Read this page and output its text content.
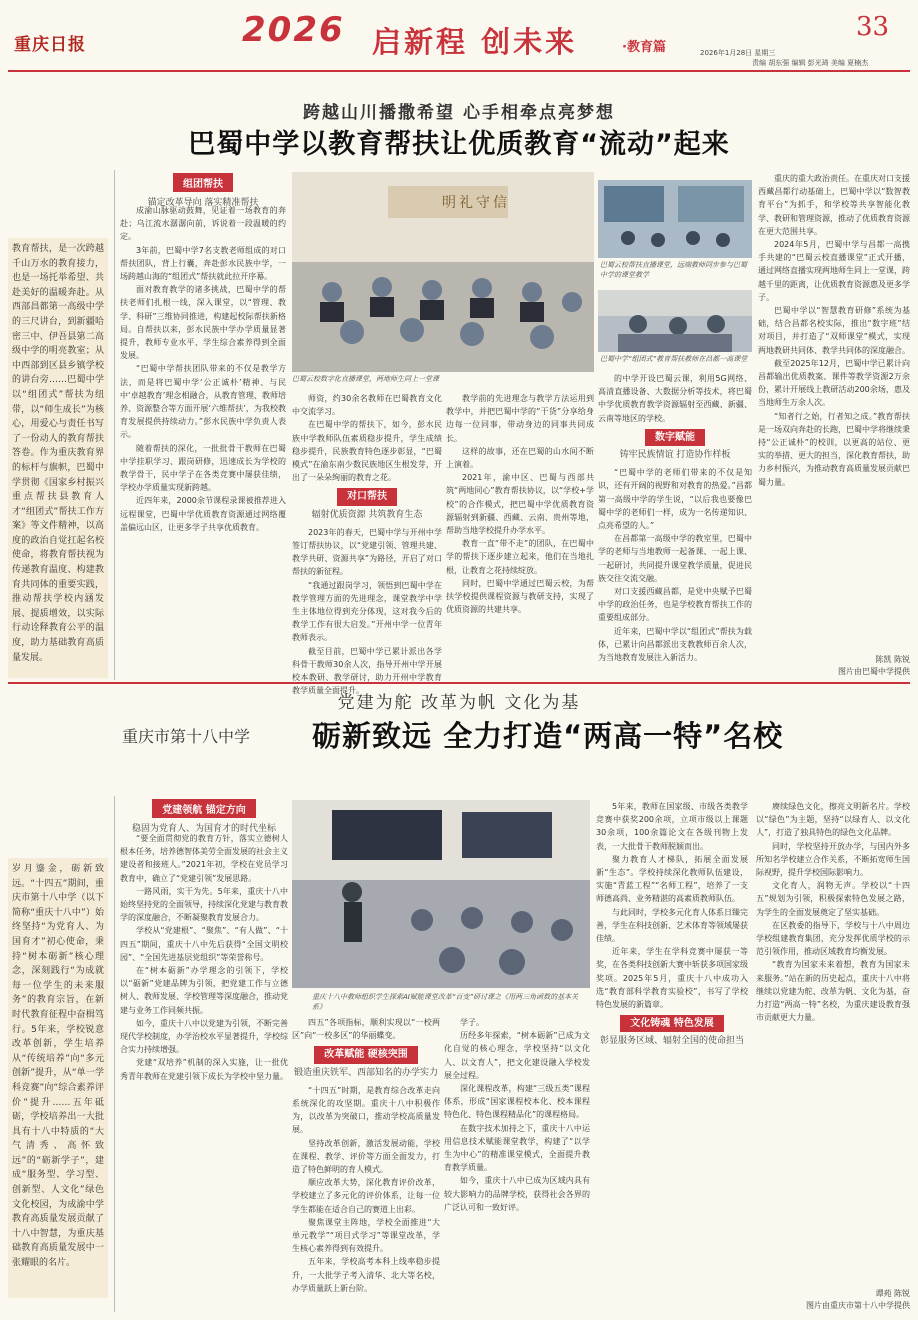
重庆日报	2026 启新程 创未来	·教育篇
33
2026年1月28日 星期三
责编 胡东强 编辑 彭光琦 美编 夏楠杰
跨越山川播撒希望 心手相牵点亮梦想
巴蜀中学以教育帮扶让优质教育“流动”起来
教育帮扶，是一次跨越千山万水的教育接力，也是一场托举希望、共赴美好的温暖奔赴。从西部昌都第一高级中学的三尺讲台，到新疆哈密三中、伊吾县第二高级中学的明亮教室；从中西部到区县乡镇学校的讲台旁……巴蜀中学以“组团式”帮扶为纽带，以“师生成长”为核心，用爱心与责任书写了一份动人的教育帮扶答卷。作为重庆教育界的标杆与旗帜，巴蜀中学贯彻《国家乡村振兴重点帮扶县教育人才“组团式”帮扶工作方案》等文件精神，以高度的政治自觉扛起名校使命，将教育帮扶视为传递教育温度、构建教育共同体的重要实践，推动帮扶学校内涵发展、提质增效，以实际行动诠释教育公平的温度，助力基础教育高质量发展。
组团帮扶
锚定改革导向 落实精准帮扶

成渝山脉驱动鼓舞，见证着一场教育的奔赴；乌江流水潺潺向前，诉说着一段温暖的约定。

3年前，巴蜀中学7名支教老师组成的对口帮扶团队，背上行囊，奔赴彭水民族中学，一场跨越山海的“组团式”帮扶就此拉开序幕。

面对教育教学的诸多挑战，巴蜀中学的帮扶老师们扎根一线，深入课堂，以“管理、教学、科研”三维协同推进，构建起校际帮扶新格局。自帮扶以来，彭水民族中学办学质量显著提升，教师专业水平、学生综合素养得到全面发展。

“巴蜀中学帮扶团队带来的不仅是教学方法，而是将巴蜀中学‘公正诚朴’精神、与民中‘卓越教育’理念相融合，从教育管理、教师培养、资源整合等方面开展‘六维帮扶’，为我校教育发展提供持续动力。”彭水民族中学负责人表示。

随着帮扶的深化，一批批骨干教师在巴蜀中学挂职学习、跟岗研修，迅速成长为学校的教学骨干，民中学子在各类竞赛中屡获佳绩，学校办学质量实现新跨越。

近四年来，2000余节课程录课被推荐进入远程课堂，巴蜀中学优质教育资源通过网络覆盖偏远山区，让更多学子共享优质教育。

明礼守信
巴蜀云校数字化直播课堂，两地师生同上一堂课
巴蜀云校帮扶直播课堂，远端教师同步参与巴蜀中学的课堂教学
巴蜀中学“组团式”教育帮扶教师在昌都一高课堂

师资，约30余名教师在巴蜀教育文化中交流学习。

在巴蜀中学的帮扶下，如今，彭水民族中学教师队伍素质稳步提升，学生成绩稳步提升，民族教育特色逐步彰显，“巴蜀模式”在渝东南少数民族地区生根发芽，开出了一朵朵绚丽的教育之花。

对口帮扶
辐射优质资源 共筑教育生态

2023年的春天，巴蜀中学与开州中学签订帮扶协议，以“党建引领、管理共建、教学共研、资源共享”为路径，开启了对口帮扶的新征程。

“我通过跟岗学习，领悟到巴蜀中学在教学管理方面的先进理念，课堂教学中学生主体地位得到充分体现，这对我今后的教学工作有很大启发。”开州中学一位青年教师表示。

截至目前，巴蜀中学已累计派出各学科骨干教师30余人次，指导开州中学开展校本教研、教学研讨，助力开州中学教育教学质量全面提升。

教学前的先进理念与教学方法运用到教学中，并把巴蜀中学的“干货”分享给身边每一位同事，带动身边的同事共同成长。

这样的故事，还在巴蜀的山水间不断上演着。

2021年，渝中区、巴蜀与西部共筑“两地同心”教育帮扶协议，以“学校+学校”的合作模式，把巴蜀中学优质教育资源辐射到新疆、西藏、云南、贵州等地，帮助当地学校提升办学水平。

教育一直“带不走”的团队，在巴蜀中学的帮扶下逐步建立起来，他们在当地扎根，让教育之花持续绽放。

同时，巴蜀中学通过巴蜀云校，为帮扶学校提供课程资源与教研支持，实现了优质资源的共建共享。

的中学开设巴蜀云课，利用5G网络、高清直播设备、大数据分析等技术，将巴蜀中学优质教育教学资源辐射至西藏、新疆、云南等地区的学校。

数字赋能
铸牢民族情谊 打造协作样板

“巴蜀中学的老师们带来的不仅是知识，还有开阔的视野和对教育的热爱。”昌都第一高级中学的学生说，“以后我也要像巴蜀中学的老师们一样，成为一名传递知识、点亮希望的人。”

在昌都第一高级中学的教室里，巴蜀中学的老师与当地教师一起备课、一起上课、一起研讨，共同提升课堂教学质量，促进民族交往交流交融。

对口支援西藏昌都，是党中央赋予巴蜀中学的政治任务，也是学校教育帮扶工作的重要组成部分。

近年来，巴蜀中学以“组团式”帮扶为载体，已累计向昌都派出支教教师百余人次，为当地教育发展注入新活力。

重庆的重大政治责任。在重庆对口支援西藏昌都行动基础上，巴蜀中学以“数智教育平台”为抓手，和学校等共享智能化教学、教研和管理资源，推动了优质教育资源在更大范围共享。

2024年5月，巴蜀中学与昌都一高携手共建的“巴蜀云校直播课堂”正式开播，通过网络直播实现两地师生同上一堂课，跨越千里的距离，让优质教育资源惠及更多学子。

巴蜀中学以“智慧教育研修”系统为基础，结合昌都名校实际，推出“数字班”结对项目，并打造了“双师课堂”模式，实现两地教研共同体、教学共同体的深度融合。

截至2025年12月，巴蜀中学已累计向昌都输出优质教案、课件等教学资源2万余份，累计开展线上教研活动200余场，惠及当地师生万余人次。

“知者行之始，行者知之成。”教育帮扶是一场双向奔赴的长跑，巴蜀中学将继续秉持“公正诚朴”的校训，以更高的站位、更实的举措、更大的担当，深化教育帮扶，助力乡村振兴，为推动教育高质量发展贡献巴蜀力量。

陈凯 陈锐
图片由巴蜀中学提供
党建为舵 改革为帆 文化为基
重庆市第十八中学 砺新致远 全力打造“两高一特”名校
岁月鎏金，砺新致远。“十四五”期间，重庆市第十八中学（以下简称“重庆十八中”）始终坚持“为党育人、为国育才”初心使命，秉持“树本砺新”核心理念，深刻践行“为成就每一位学生的未来服务”的教育宗旨，在新时代教育征程中奋楫笃行。5年来，学校锐意改革创新，学生培养从“传统培养”向“多元创新”提升，从“单一学科竞赛”向“综合素养评价”提升……五年砥砺，学校培养出一大批具有十八中特质的“大气清秀、高怀致远”的“砺新学子”，建成“服务型、学习型、创新型、人文化”绿色文化校园，为成渝中学教育高质量发展贡献了十八中智慧，为重庆基础教育高质量发展中一张耀眼的名片。
党建领航 锚定方向
稳固为党育人、为国育才的时代坐标

“要全面贯彻党的教育方针，落实立德树人根本任务，培养德智体美劳全面发展的社会主义建设者和接班人。”2021年初，学校在党员学习教育中，确立了“党建引领”发展思路。

一路风雨，实干为先。5年来，重庆十八中始终坚持党的全面领导，持续深化党建与教育教学的深度融合，不断凝聚教育发展合力。

学校从“党建根”、“聚焦”、“有人做”、“十四五”期间，重庆十八中先后获得“全国文明校园”、“全国先进基层党组织”等荣誉称号。

在“树本砺新”办学理念的引领下，学校以“砺新”党建品牌为引领，把党建工作与立德树人、教师发展、学校管理等深度融合，推动党建与业务工作同频共振。

如今，重庆十八中以党建为引领，不断完善现代学校制度，办学治校水平显著提升，学校综合实力持续增强。

党建“双培养”机制的深入实施，让一批优秀青年教师在党建引领下成长为学校中坚力量。

重庆十八中教师组织学生探索AI赋能课堂改革“百变”研讨课之《用两三角函数的基本关系》

四五”各项指标，顺利实现以“一校两区”向“一校多区”的华丽蝶变。

改革赋能 硬核突围
锻造重庆铁军、西部知名的办学实力

“十四五”时期，是教育综合改革走向系统深化的攻坚期。重庆十八中积极作为，以改革为突破口，推动学校高质量发展。

坚持改革创新，激活发展动能，学校在课程、教学、评价等方面全面发力，打造了特色鲜明的育人模式。

顺应改革大势，深化教育评价改革，学校建立了多元化的评价体系，让每一位学生都能在适合自己的赛道上出彩。

聚焦课堂主阵地，学校全面推进“大单元教学”“项目式学习”等课堂改革，学生核心素养得到有效提升。

五年来，学校高考本科上线率稳步提升，一大批学子考入清华、北大等名校，办学质量跃上新台阶。

学子。

历经多年探索，“树本砺新”已成为文化自觉的核心理念，学校坚持“以文化人、以文育人”，把文化建设融入学校发展全过程。

深化课程改革，构建“三级五类”课程体系，形成“国家课程校本化、校本课程特色化、特色课程精品化”的课程格局。

在数字技术加持之下，重庆十八中运用信息技术赋能课堂教学，构建了“以学生为中心”的精准课堂模式，全面提升教育教学质量。

如今，重庆十八中已成为区域内具有较大影响力的品牌学校，获得社会各界的广泛认可和一致好评。

5年来，教师在国家级、市级各类教学竞赛中获奖200余项，立项市级以上课题30余项，100余篇论文在各级刊物上发表，一大批骨干教师脱颖而出。

聚力教育人才梯队，拓展全面发展新“生态”。学校持续深化教师队伍建设，实施“青蓝工程”“名师工程”，培养了一支师德高尚、业务精湛的高素质教师队伍。

与此同时，学校多元化育人体系日臻完善，学生在科技创新、艺术体育等领域屡获佳绩。

近年来，学生在学科竞赛中屡获一等奖，在各类科技创新大赛中斩获多项国家级奖项。2025年5月，重庆十八中成功入选“教育部科学教育实验校”，书写了学校特色发展的新篇章。

文化铸魂 特色发展
彰显服务区域、辐射全国的使命担当

赓续绿色文化，擦亮文明新名片。学校以“绿色”为主题，坚持“以绿育人、以文化人”，打造了独具特色的绿色文化品牌。

同时，学校坚持开放办学，与国内外多所知名学校建立合作关系，不断拓宽师生国际视野，提升学校国际影响力。

文化育人，润物无声。学校以“十四五”规划为引领，积极探索特色发展之路，为学生的全面发展奠定了坚实基础。

在区教委的指导下，学校与十八中周边学校组建教育集团，充分发挥优质学校的示范引领作用，推动区域教育均衡发展。

“教育为国家未来着想，教育为国家未来服务。”站在新的历史起点，重庆十八中将继续以党建为舵、改革为帆、文化为基，奋力打造“两高一特”名校，为重庆建设教育强市贡献更大力量。

谭苑 陈锐
图片由重庆市第十八中学提供
